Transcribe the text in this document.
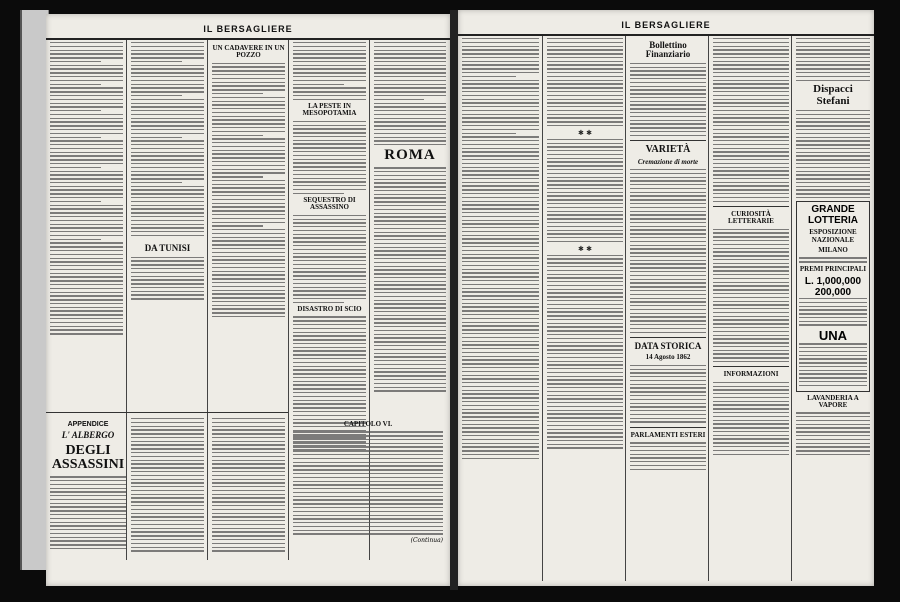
IL BERSAGLIERE
DA TUNISI
UN CADAVERE IN UN POZZO
LA PESTE IN MESOPOTAMIA
SEQUESTRO DI ASSASSINO
DISASTRO DI SCIO
ROMA
APPENDICE
L' ALBERGO
DEGLI ASSASSINI
CAPITOLO VI.
(Continua)
IL BERSAGLIERE
✱ ✱
✱ ✱
Bollettino Finanziario
VARIETÀ
Cremazione di morte
DATA STORICA
14 Agosto 1862
PARLAMENTI ESTERI
CURIOSITÀ LETTERARIE
INFORMAZIONI
Dispacci Stefani
GRANDE LOTTERIA
ESPOSIZIONE NAZIONALE
MILANO
PREMI PRINCIPALI
L. 1,000,000
200,000
UNA
LAVANDERIA A VAPORE
